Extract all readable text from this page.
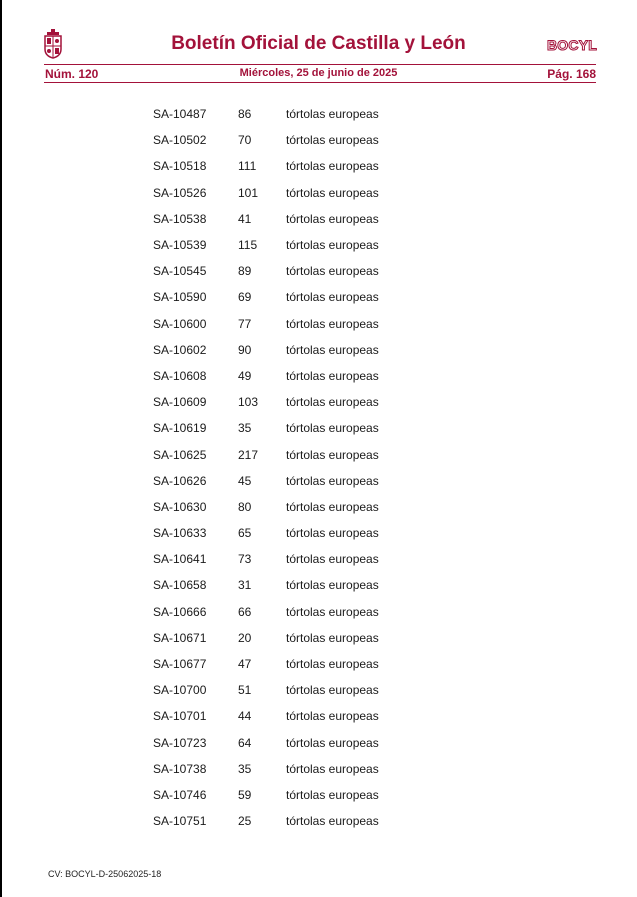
Boletín Oficial de Castilla y León	BOCYL
Núm. 120	Miércoles, 25 de junio de 2025	Pág. 168
SA-10487	86	tórtolas europeas
SA-10502	70	tórtolas europeas
SA-10518	111 tórtolas europeas
SA-10526	101 tórtolas europeas
SA-10538	41	tórtolas europeas
SA-10539	115 tórtolas europeas
SA-10545	89	tórtolas europeas
SA-10590	69	tórtolas europeas
SA-10600	77	tórtolas europeas
SA-10602	90	tórtolas europeas
SA-10608	49	tórtolas europeas
SA-10609	103 tórtolas europeas
SA-10619	35	tórtolas europeas
SA-10625	217 tórtolas europeas
SA-10626	45	tórtolas europeas
SA-10630	80	tórtolas europeas
SA-10633	65	tórtolas europeas
SA-10641	73	tórtolas europeas
SA-10658	31	tórtolas europeas
SA-10666	66	tórtolas europeas
SA-10671	20	tórtolas europeas
SA-10677	47	tórtolas europeas
SA-10700	51	tórtolas europeas
SA-10701	44	tórtolas europeas
SA-10723	64	tórtolas europeas
SA-10738	35	tórtolas europeas
SA-10746	59	tórtolas europeas
SA-10751	25	tórtolas europeas
CV: BOCYL-D-25062025-18
